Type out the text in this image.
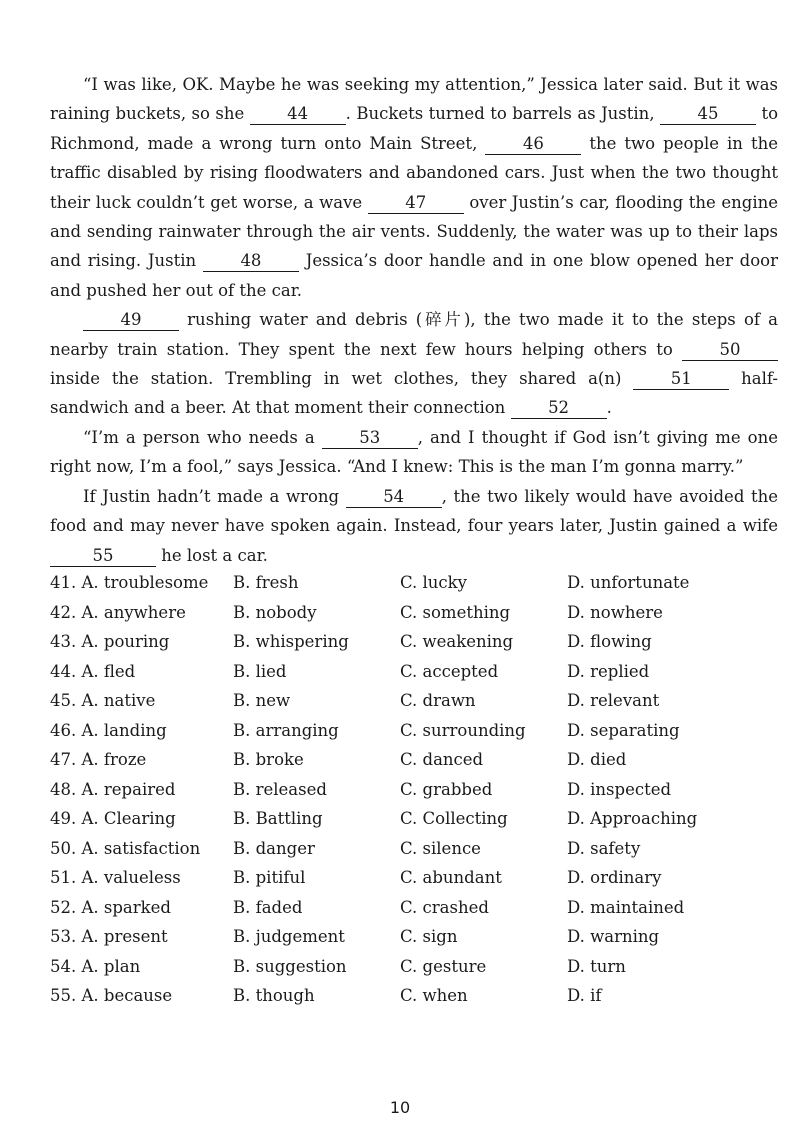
“I was like, OK. Maybe he was seeking my attention,” Jessica later said. But it was raining buckets, so she 44 . Buckets turned to barrels as Justin, 45 to Richmond, made a wrong turn onto Main Street, 46 the two people in the traffic disabled by rising floodwaters and abandoned cars. Just when the two thought their luck couldn’t get worse, a wave 47 over Justin’s car, flooding the engine and sending rainwater through the air vents. Suddenly, the water was up to their laps and rising. Justin 48 Jessica’s door handle and in one blow opened her door and pushed her out of the car.

49 rushing water and debris (碎片), the two made it to the steps of a nearby train station. They spent the next few hours helping others to 50 inside the station. Trembling in wet clothes, they shared a(n) 51 half-sandwich and a beer. At that moment their connection 52 .

“I’m a person who needs a 53 , and I thought if God isn’t giving me one right now, I’m a fool,” says Jessica. “And I knew: This is the man I’m gonna marry.”

If Justin hadn’t made a wrong 54 , the two likely would have avoided the food and may never have spoken again. Instead, four years later, Justin gained a wife 55	he lost a car.

41. A. troublesome	B. fresh	C. lucky	D. unfortunate
42. A. anywhere	B. nobody	C. something	D. nowhere
43. A. pouring	B. whispering	C. weakening	D. flowing
44. A. fled	B. lied	C. accepted	D. replied
45. A. native	B. new	C. drawn	D. relevant
46. A. landing	B. arranging	C. surrounding	D. separating
47. A. froze	B. broke	C. danced	D. died
48. A. repaired	B. released	C. grabbed	D. inspected
49. A. Clearing	B. Battling	C. Collecting	D. Approaching
50. A. satisfaction	B. danger	C. silence	D. safety
51. A. valueless	B. pitiful	C. abundant	D. ordinary
52. A. sparked	B. faded	C. crashed	D. maintained
53. A. present	B. judgement	C. sign	D. warning
54. A. plan	B. suggestion	C. gesture	D. turn
55. A. because	B. though	C. when	D. if
10
